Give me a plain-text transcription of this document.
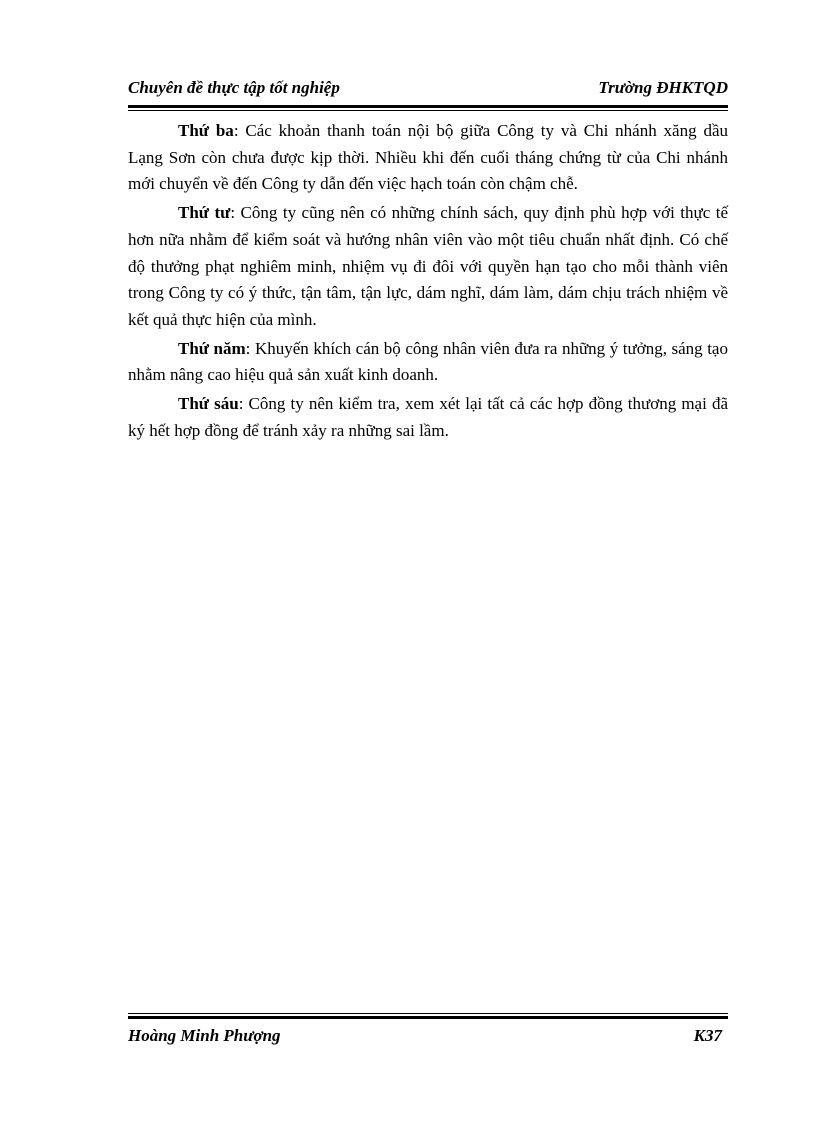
Chuyên đề thực tập tốt nghiệp	Trường ĐHKTQD

Thứ ba: Các khoản thanh toán nội bộ giữa Công ty và Chi nhánh xăng dầu Lạng Sơn còn chưa được kịp thời. Nhiều khi đến cuối tháng chứng từ của Chi nhánh mới chuyển về đến Công ty dẫn đến việc hạch toán còn chậm chễ.

Thứ tư: Công ty cũng nên có những chính sách, quy định phù hợp với thực tế hơn nữa nhằm để kiểm soát và hướng nhân viên vào một tiêu chuẩn nhất định. Có chế độ thưởng phạt nghiêm minh, nhiệm vụ đi đôi với quyền hạn tạo cho mỗi thành viên trong Công ty có ý thức, tận tâm, tận lực, dám nghĩ, dám làm, dám chịu trách nhiệm về kết quả thực hiện của mình.

Thứ năm: Khuyến khích cán bộ công nhân viên đưa ra những ý tưởng, sáng tạo nhằm nâng cao hiệu quả sản xuất kinh doanh.

Thứ sáu: Công ty nên kiểm tra, xem xét lại tất cả các hợp đồng thương mại đã ký hết hợp đồng để tránh xảy ra những sai lầm.

Hoàng Minh Phượng	K37
